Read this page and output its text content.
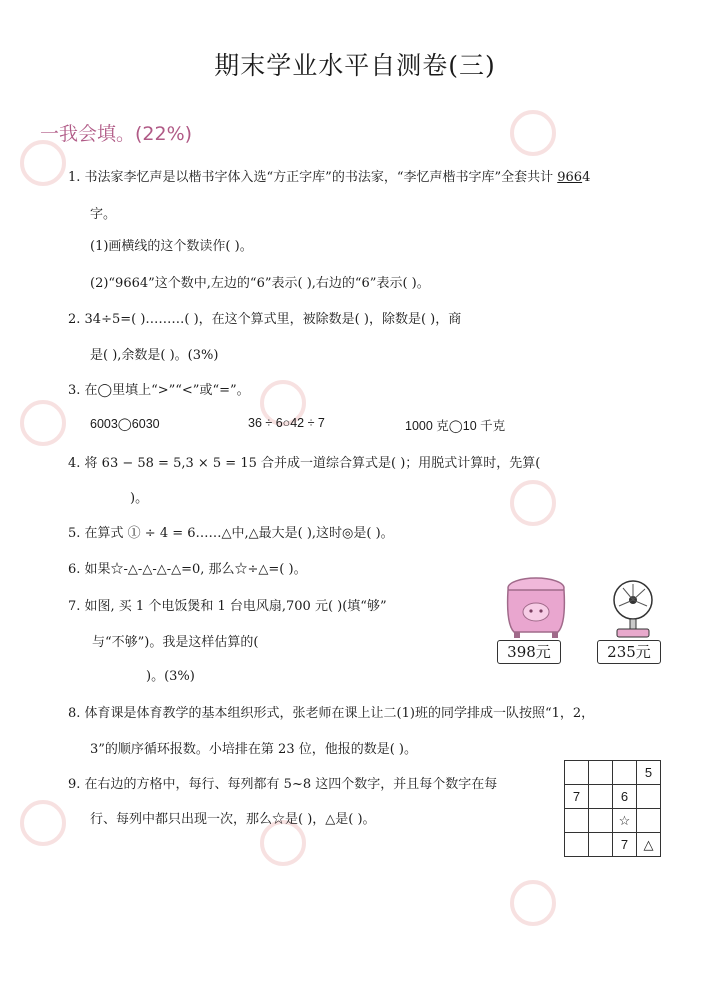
期末学业水平自测卷(三)
一我会填。(22%)
1. 书法家李忆声是以楷书字体入选“方正字库”的书法家，“李忆声楷书字库”全套共计 9664
字。
(1)画横线的这个数读作( )。
(2)“9664”这个数中,左边的“6”表示( ),右边的“6”表示( )。
2. 34÷5=( )………( )，在这个算式里，被除数是( )，除数是( )，商
是( ),余数是( )。(3%)
3. 在◯里填上“>”“<”或“=”。
6003◯6030	36 ÷ 6○42 ÷ 7	1000 克◯10 千克
4. 将 63 − 58 = 5,3 × 5 = 15 合并成一道综合算式是( )；用脱式计算时，先算(
)。
5. 在算式 ① ÷ 4 = 6……△中,△最大是( ),这时◎是( )。
6. 如果☆-△-△-△-△=0, 那么☆÷△=( )。
7. 如图, 买 1 个电饭煲和 1 台电风扇,700 元( )(填“够”
与“不够”)。我是这样估算的(
)。(3%)
398元	235元
8. 体育课是体育教学的基本组织形式，张老师在课上让二(1)班的同学排成一队按照“1，2，
3”的顺序循环报数。小培排在第 23 位，他报的数是( )。
9. 在右边的方格中，每行、每列都有 5~8 这四个数字，并且每个数字在每
行、每列中都只出现一次，那么☆是( )，△是( )。
			5
7		6	
		☆	
		7	△
